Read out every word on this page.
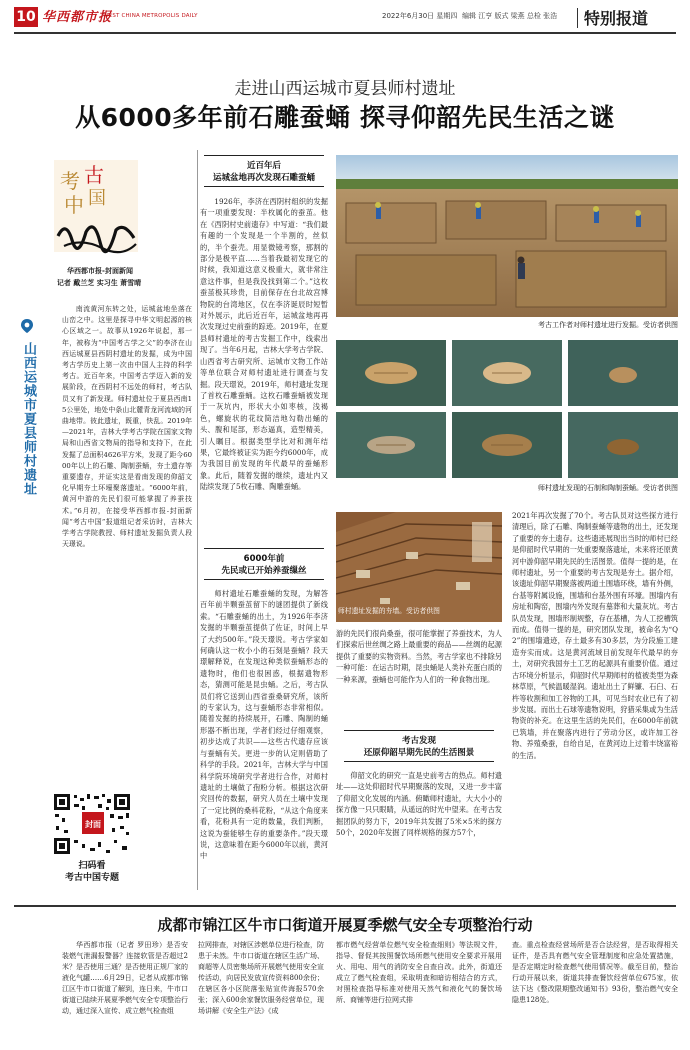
10 华西都市报
WEST CHINA METROPOLIS DAILY	2022年6月30日 星期四 编辑 江亨 版式 梁燕 总检 张浩 特别报道
走进山西运城市夏县师村遗址
从6000多年前石雕蚕蛹 探寻仰韶先民生活之谜
考 古
中 国
华西都市报-封面新闻
记者 戴兰芝 实习生 萧雪晴
山西运城市夏县师村遗址
南流黄河东转之处，运城盆地坐落在山峦之中。这里是探寻中华文明起源的核心区域之一。故事从1926年说起，那一年，被称为“中国考古学之父”的李济在山西运城夏县西阴村遗址的发掘，成为中国考古学历史上第一次由中国人主持的科学考古。近百年来，中国考古学迈入新的发展阶段，在西阴村不远处的师村，考古队员又有了新发现。师村遗址位于夏县西南15公里处，地处中条山北麓青龙河流域的河曲地带。彼此遗址，既重，快乱。2019年—2021年，吉林大学考古学院在国家文物局和山西省文物局的指导和支持下，在此发掘了总面积4626平方米，发现了距今6000年以上的石雕、陶制蚕蛹，夯土遗存等重要遗存，并证实这是看南发现的仰韶文化早期夯土环壕聚落遗址。“6000年前，黄河中游的先民们很可能掌握了养蚕技术。”6月初，在接受华西都市报-封面新闻“考古中国”报道组记者采访时，吉林大学考古学院教授、师村遗址发掘负责人段天璟说。
封面
扫码看
考古中国专题
近百年后
运城盆地再次发现石雕蚕蛹
1926年，李济在西阴村组织的发掘有一项重要发现：半枚属化的蚕茧。他在《西阴村史前遗存》中写道：“我们最有趣的一个发现是一个半割的，丝似的，半个蚕壳。用显微镜考察，那割的部分是极平直……当着我最初发现它的时候，我知道这意义极重大，就非常注意这件事，但是我没找到第二个。”这枚蚕茧极其珍贵，目前保存在台北故宫博物院的台湾地区，仅在李济诞辰时短暂对外展示，此后近百年，运城盆地再再次发现过史前蚕的踪迹。2019年，在夏县师村遗址的考古发掘工作中，线索出现了。当年6月起，吉林大学考古学院、山西省考古研究所、运城市文物工作站等单位联合对师村遗址进行调查与发掘。段天璟说，2019年，师村遗址发现了首枚石雕蚕蛹。这枚石雕蚕蛹被发现于一灰坑内，形状大小如枣核，浅褐色，螺旋状的花纹简洁地勾勒出蛹的头、腹和尾部，形态逼真，造型精美，引人瞩目。根据类型学比对和测年结果，它最终被证实为距今约6000年，成为我国目前发现的年代最早的蚕蛹形象。此后，随着发掘的继续，遗址内又陆续发现了5枚石雕、陶雕蚕蛹。
6000年前
先民或已开始养蚕缫丝
师村遗址石雕蚕蛹的发现，为解答百年前半颗蚕茧留下的谜团提供了新线索。“石雕蚕蛹的出土，为1926年李济发掘的半颗蚕茧提供了佐证，时间上早了大约500年。”段天璟说。考古学家如何确认这一枚小小的石刻是蚕蛹？段天璟解释说，在发现这种类似蚕蛹形态的遗物时，他们也很困惑，根据遗物形态，猜测可能是昆虫蛹。之后，考古队员们将它送到山西省蚕桑研究所，该所的专家认为，这与蚕蛹形态非常相似。随着发掘的持续展开，石雕、陶制的蛹形器不断出现，学者们经过仔细观察，初步达成了共识——这些古代遗存应该与蚕蛹有关。更进一步的认定则借助了科学的手段。2021年，吉林大学与中国科学院环境研究学者进行合作，对师村遗址的土壤做了孢粉分析。根据这次研究回传的数据，研究人员在土壤中发现了一定比例的桑科花粉，“从这个角度来看，花粉具有一定的数量，我们判断，这说为蚕能够生存的重要条件。”段天璟说，这意味着在距今6000年以前，黄河中
考古工作者对师村遗址进行发掘。受访者供图
师村遗址发现的石制和陶制蚕蛹。受访者供图
师村遗址发掘的夯墙。受访者供图
游的先民们很尚桑蚕，很可能掌握了养蚕技术，为人们探索后世丝绸之路上最重要的商品——丝绸的起源提供了重要的实物资料。当然，考古学家也不排除另一种可能：在运古时期，昆虫蛹是人类补充蛋白质的一种来源，蚕蛹也可能作为人们的一种食物出现。
考古发现
还原仰韶早期先民的生活图景
仰韶文化的研究一直是史前考古的热点。师村遗址——这处仰韶时代早期聚落的发现，又进一步丰富了仰韶文化发展的内涵。俯瞰师村遗址，大大小小的探方像一只只眼睛，从遥远的时光中望来。在考古发掘团队的努力下，2019年共发掘了5米×5米的探方50个，2020年发掘了同样规格的探方57个，
2021年再次发掘了70个。考古队员对这些探方进行清理后，除了石雕、陶制蚕蛹等遗物的出土，还发现了重要的夯土遗存。这些遗迹展现出当时的师村已经是仰韶时代早期的一处重要聚落遗址，未来将还原黄河中游仰韶早期先民的生活图景。值得一提的是，在师村遗址，另一个重要的考古发现是夯土。据介绍，该遗址仰韶早期聚落被两道土围墙环绕，墙有外侧，台基等附属设施，围墙和台基外围有环壕。围墙内有房址和陶窑，围墙内外发现有墓葬和大量灰坑。考古队员发现，围墙形制规整，存在基槽，为人工挖槽筑而成。值得一提的是，研究团队发现，被命名为“Q2”的围墙遗迹，存土最多有30多层，为分段施工建造夯实而成。这是黄河流域目前发现年代最早的夯土，对研究我国夯土工艺的起源具有重要价值。通过古环境分析显示，仰韶时代早期师村的植被类型为森林草原，气候温暖湿润。遗址出土了鲜镰、石臼、石杵等收割和加工谷物的工具，可见当时农业已有了初步发展。而出土石球等遗物说明，狩猎采集或为生活物资的补充。在这里生活的先民们，在6000年前就已筑墙，并在聚落内进行了劳动分区，或许加工谷物、养殖桑蚕，自给自足，在黄河边上过着丰饶富裕的生活。
成都市锦江区牛市口街道开展夏季燃气安全专项整治行动
华西都市报（记者 罗田珍）是否安装燃气泄漏报警器？连接软管是否超过2米？是否使用三通？是否使用正规厂家的液化气罐……6月29日，记者从成都市锦江区牛市口街道了解到，连日来，牛市口街道已陆续开展夏季燃气安全专项整治行动，通过深入宣传、成立燃气检查组
拉网排查，对辖区涉燃单位进行检查，防患于未然。牛市口街道在辖区生活广场、商超等人员密集场所开展燃气使用安全宣传活动，向居民发放宣传资料800余份；在辖区各小区院落张贴宣传海报570余张；深入600余家餐饮服务经营单位，现场讲解《安全生产法》《成
都市燃气经营单位燃气安全检查细则》等法规文件，指导、督促其按照餐饮场所燃气使用安全要求开展用火、用电、用气的消防安全自查自改。此外，街道还成立了燃气检查组，采取明查和暗访相结合的方式，对照检查指导标准对使用天然气和液化气的餐饮场所、商铺等进行拉网式排
查。重点检查经营场所是否合法经营，是否取得相关证件，是否具有燃气安全管理制度和应急处置措施，是否定期定时检查燃气使用情况等。截至目前，整治行动开展以来，街道共排查餐饮经营单位675家，依法下达《整改限期整改通知书》93份，整治燃气安全隐患128处。
